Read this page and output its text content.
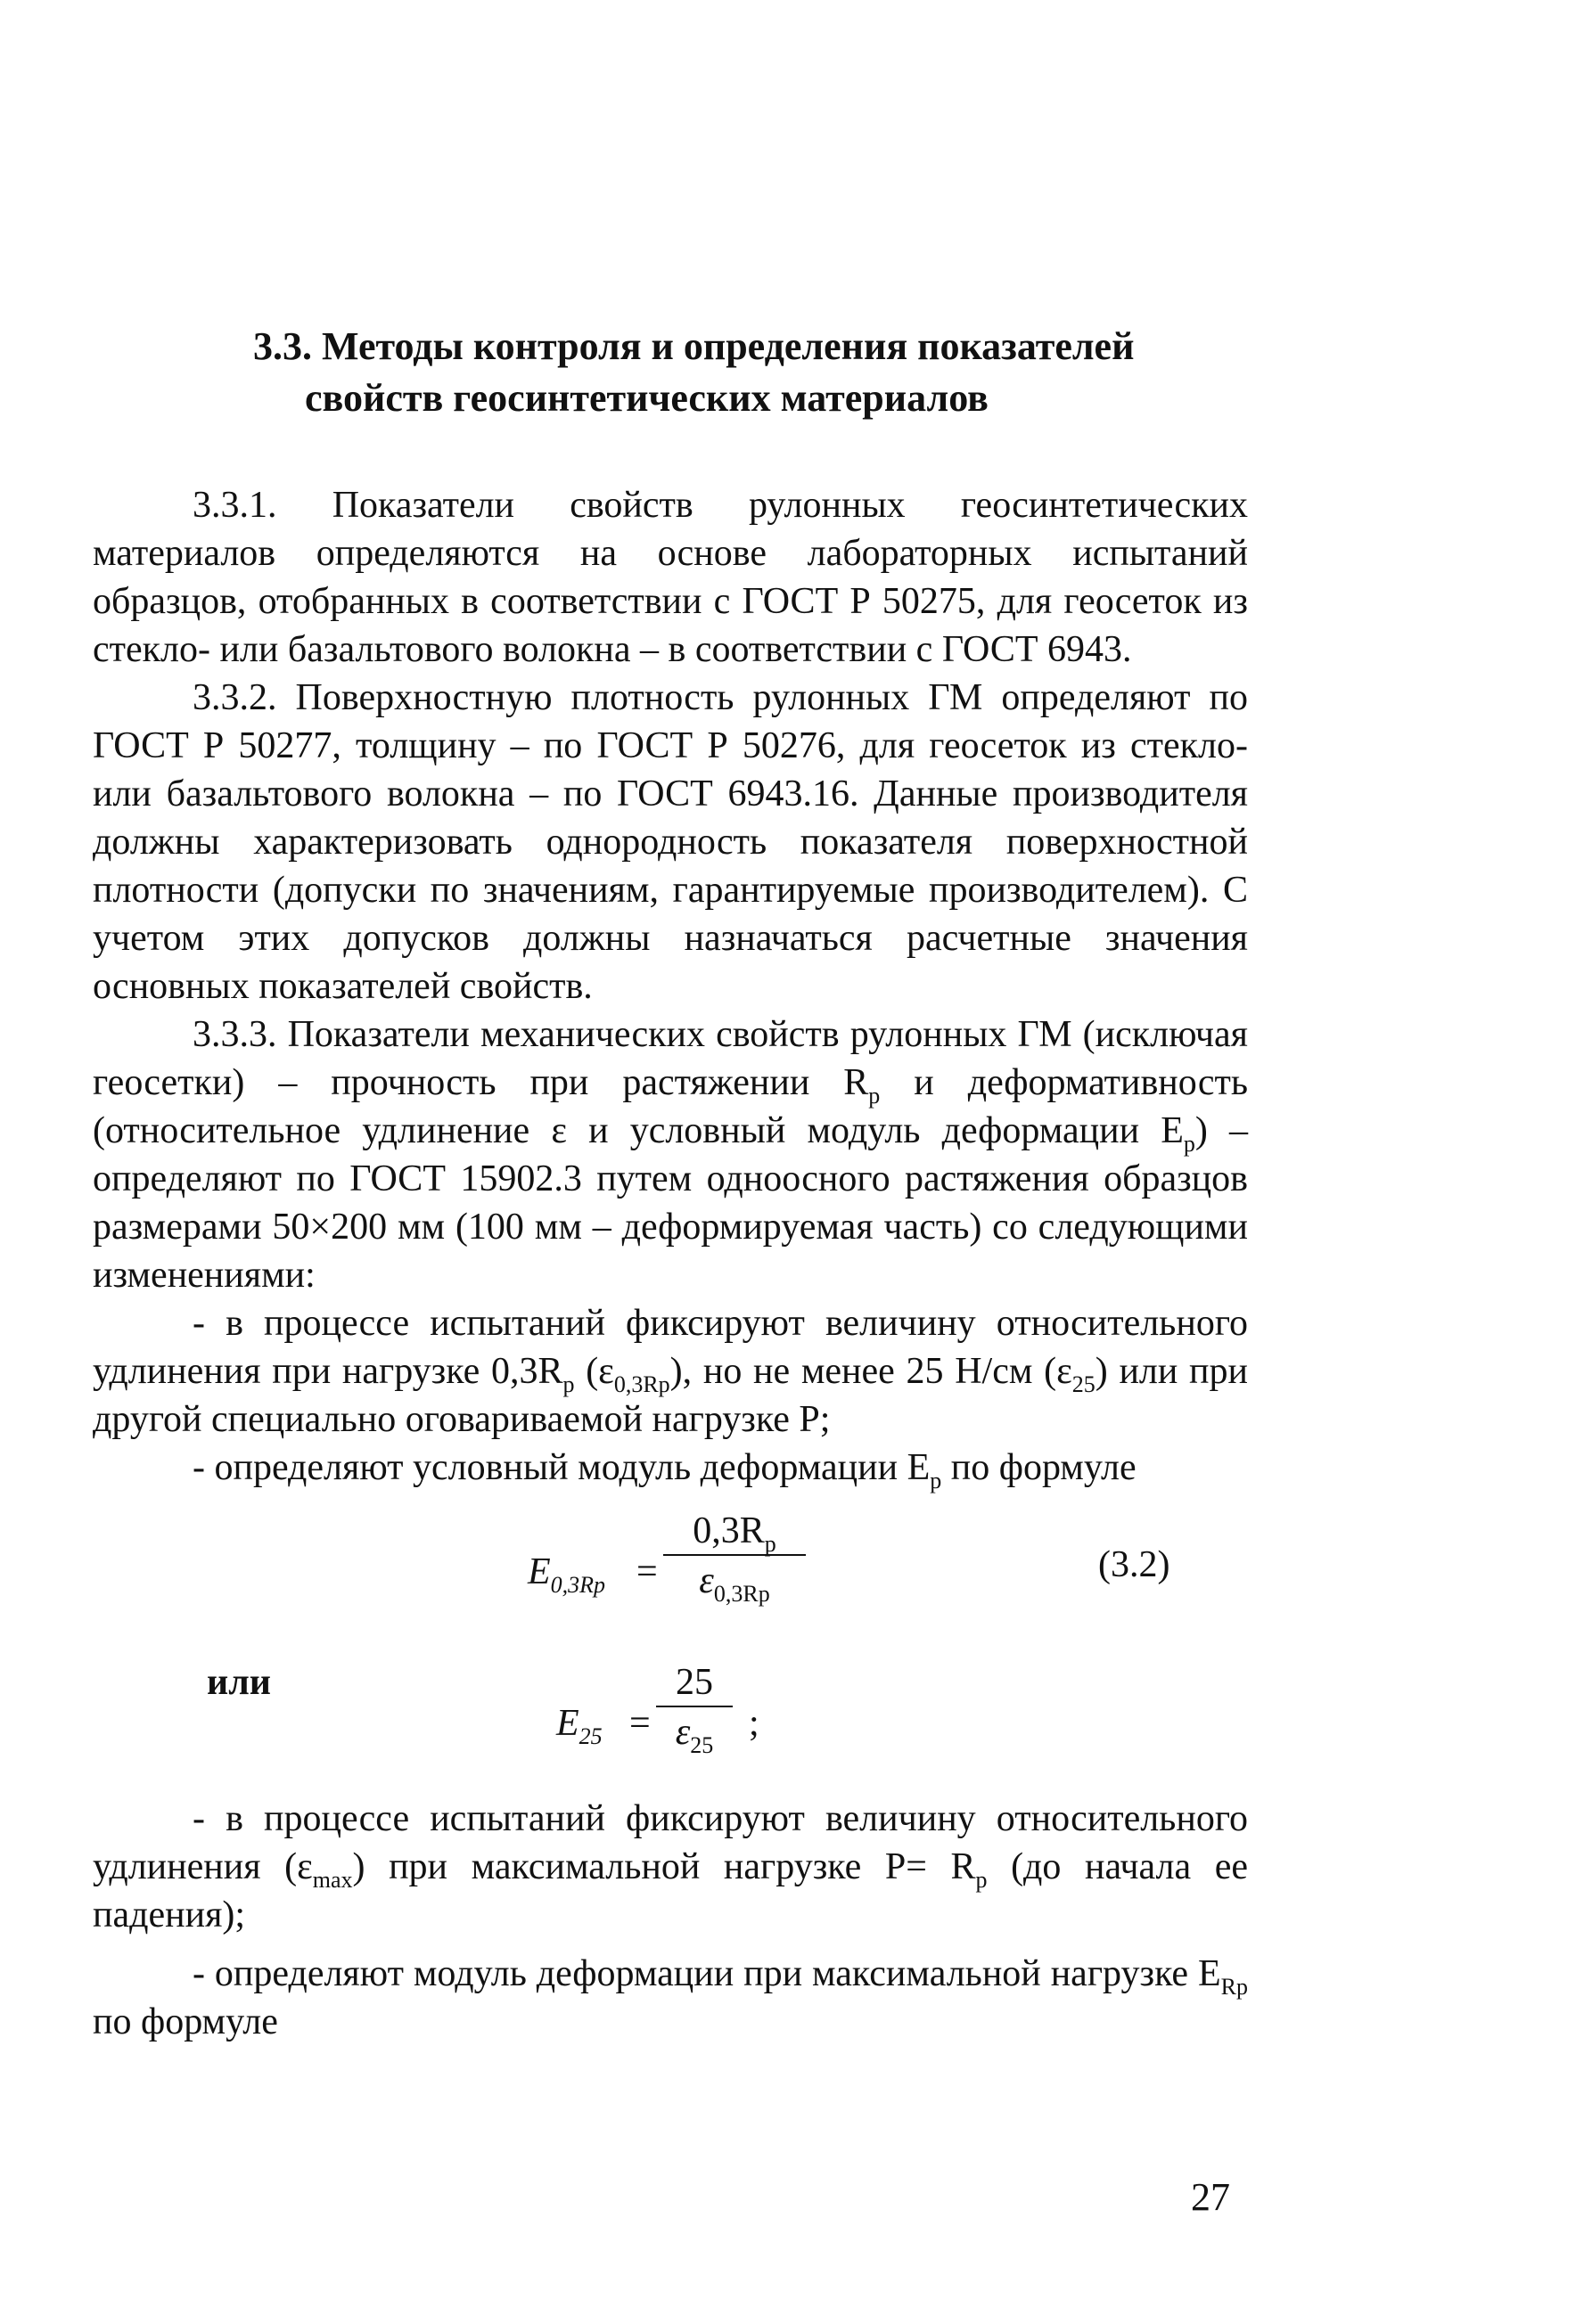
3.3. Методы контроля и определения показателей
свойств геосинтетических материалов

3.3.1. Показатели свойств рулонных геосинтетических материалов определяются на основе лабораторных испытаний образцов, отобранных в соответствии с ГОСТ Р 50275, для геосеток из стекло- или базальтового волокна – в соответствии с ГОСТ 6943.

3.3.2. Поверхностную плотность рулонных ГМ определяют по ГОСТ Р 50277, толщину – по ГОСТ Р 50276, для геосеток из стекло- или базальтового волокна – по ГОСТ 6943.16. Данные производителя должны характеризовать однородность показателя поверхностной плотности (допуски по значениям, гарантируемые производителем). С учетом этих допусков должны назначаться расчетные значения основных показателей свойств.

3.3.3. Показатели механических свойств рулонных ГМ (исключая геосетки) – прочность при растяжении $R_р$ и деформативность (относительное удлинение ε и условный модуль деформации $E_р$) – определяют по ГОСТ 15902.3 путем одноосного растяжения образцов размерами 50×200 мм (100 мм – деформируемая часть) со следующими изменениями:

- в процессе испытаний фиксируют величину относительного удлинения при нагрузке $0,3R_р$ $(\varepsilon_{0,3Rp})$, но не менее 25 Н/см $(\varepsilon_{25})$ или при другой специально оговариваемой нагрузке P;

- определяют условный модуль деформации $E_р$ по формуле

$E_{0,3Rp} = \frac{0,3R_p}{\varepsilon_{0,3Rp}}$	(3.2)
или
$E_{25} = \frac{25}{\varepsilon_{25}}$ ;

- в процессе испытаний фиксируют величину относительного удлинения $(\varepsilon_{max})$ при максимальной нагрузке $P= R_р$ (до начала ее падения);

- определяют модуль деформации при максимальной нагрузке $E_{Rp}$ по формуле

27
